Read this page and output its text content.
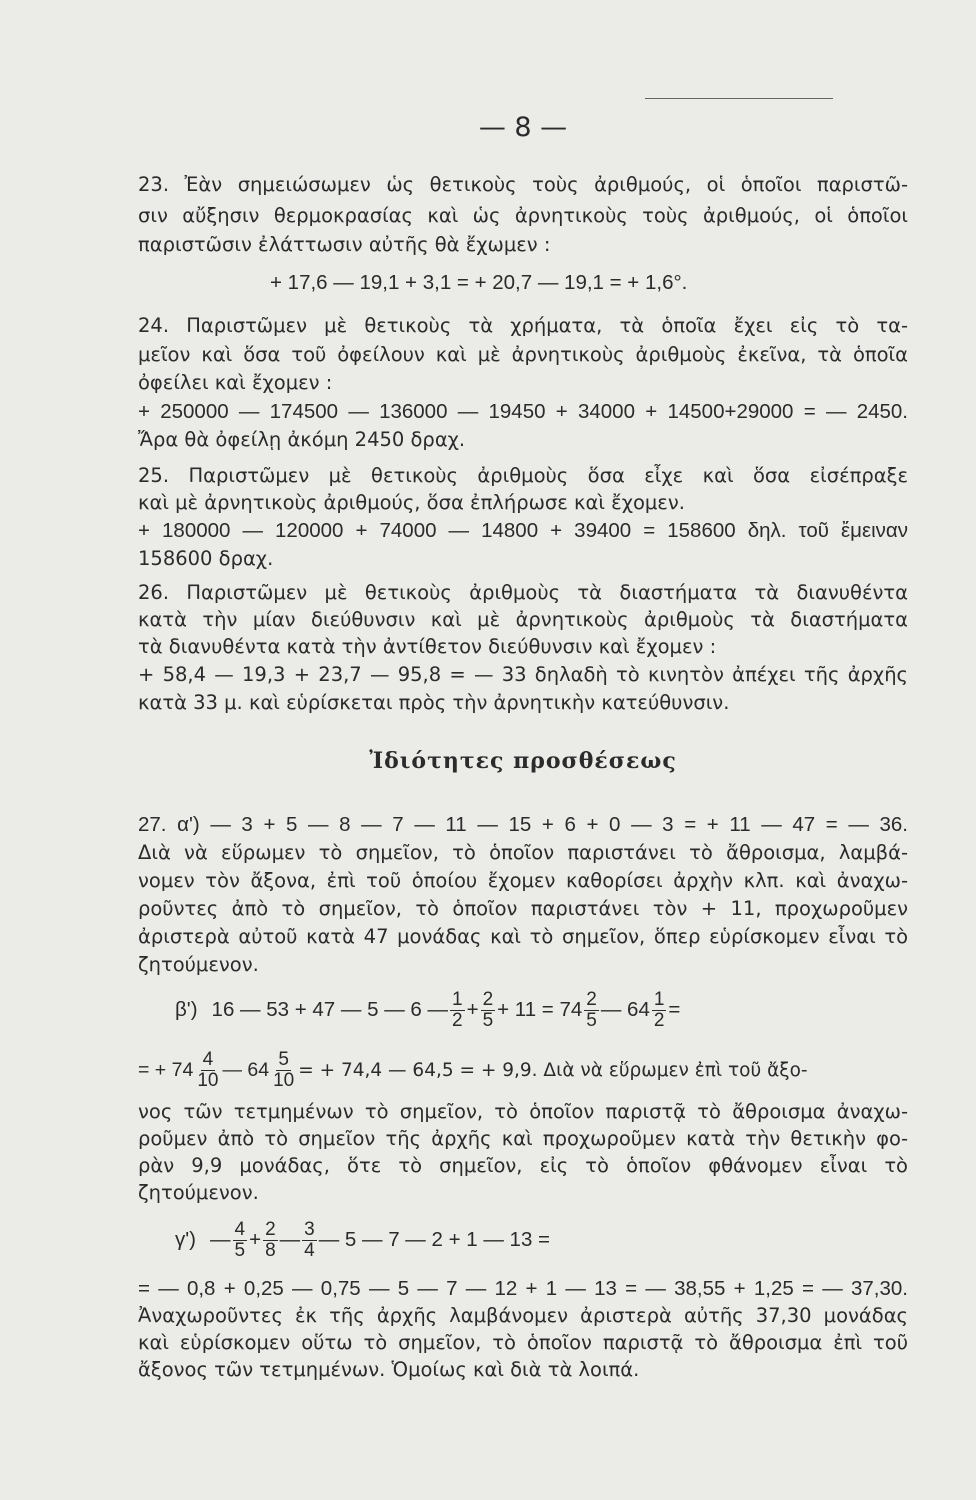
— 8 —
23. Ἐὰν σημειώσωμεν ὡς θετικοὺς τοὺς ἀριθμούς, οἱ ὁποῖοι παριστῶ-
σιν αὔξησιν θερμοκρασίας καὶ ὡς ἀρνητικοὺς τοὺς ἀριθμούς, οἱ ὁποῖοι
παριστῶσιν ἐλάττωσιν αὐτῆς θὰ ἔχωμεν :
+ 17,6 — 19,1 + 3,1 = + 20,7 — 19,1 = + 1,6°.
24. Παριστῶμεν μὲ θετικοὺς τὰ χρήματα, τὰ ὁποῖα ἔχει εἰς τὸ τα-
μεῖον καὶ ὅσα τοῦ ὀφείλουν καὶ μὲ ἀρνητικοὺς ἀριθμοὺς ἐκεῖνα, τὰ ὁποῖα
ὀφείλει καὶ ἔχομεν :
+ 250000 — 174500 — 136000 — 19450 + 34000 + 14500+29000 = — 2450.
Ἄρα θὰ ὀφείλῃ ἀκόμη 2450 δραχ.
25. Παριστῶμεν μὲ θετικοὺς ἀριθμοὺς ὅσα εἶχε καὶ ὅσα εἰσέπραξε
καὶ μὲ ἀρνητικοὺς ἀριθμούς, ὅσα ἐπλήρωσε καὶ ἔχομεν.
+ 180000 — 120000 + 74000 — 14800 + 39400 = 158600 δηλ. τοῦ ἔμειναν
158600 δραχ.
26. Παριστῶμεν μὲ θετικοὺς ἀριθμοὺς τὰ διαστήματα τὰ διανυθέντα
κατὰ τὴν μίαν διεύθυνσιν καὶ μὲ ἀρνητικοὺς ἀριθμοὺς τὰ διαστήματα
τὰ διανυθέντα κατὰ τὴν ἀντίθετον διεύθυνσιν καὶ ἔχομεν :
+ 58,4 — 19,3 + 23,7 — 95,8 = — 33 δηλαδὴ τὸ κινητὸν ἀπέχει τῆς ἀρχῆς
κατὰ 33 μ. καὶ εὑρίσκεται πρὸς τὴν ἀρνητικὴν κατεύθυνσιν.
Ἰδιότητες προσθέσεως
27. α') — 3 + 5 — 8 — 7 — 11 — 15 + 6 + 0 — 3 = + 11 — 47 = — 36.
Διὰ νὰ εὕρωμεν τὸ σημεῖον, τὸ ὁποῖον παριστάνει τὸ ἄθροισμα, λαμβά-
νομεν τὸν ἄξονα, ἐπὶ τοῦ ὁποίου ἔχομεν καθορίσει ἀρχὴν κλπ. καὶ ἀναχω-
ροῦντες ἀπὸ τὸ σημεῖον, τὸ ὁποῖον παριστάνει τὸν + 11, προχωροῦμεν
ἀριστερὰ αὐτοῦ κατὰ 47 μονάδας καὶ τὸ σημεῖον, ὅπερ εὑρίσκομεν εἶναι τὸ
ζητούμενον.
β') 16 — 53 + 47 — 5 — 6 — $\frac{1}{2} + \frac{2}{5} + 11 = 74 \frac{2}{5}$ — $64 \frac{1}{2}$ =
= + $74 \frac{4}{10}$ — $64 \frac{5}{10}$ = + 74,4 — 64,5 = + 9,9. Διὰ νὰ εὕρωμεν ἐπὶ τοῦ ἄξο-
νος τῶν τετμημένων τὸ σημεῖον, τὸ ὁποῖον παριστᾷ τὸ ἄθροισμα ἀναχω-
ροῦμεν ἀπὸ τὸ σημεῖον τῆς ἀρχῆς καὶ προχωροῦμεν κατὰ τὴν θετικὴν φο-
ρὰν 9,9 μονάδας, ὅτε τὸ σημεῖον, εἰς τὸ ὁποῖον φθάνομεν εἶναι τὸ
ζητούμενον.
γ') — $\frac{4}{5} + \frac{2}{8}$ — $\frac{3}{4}$ — 5 — 7 — 2 + 1 — 13 =
= — 0,8 + 0,25 — 0,75 — 5 — 7 — 12 + 1 — 13 = — 38,55 + 1,25 = — 37,30.
Ἀναχωροῦντες ἐκ τῆς ἀρχῆς λαμβάνομεν ἀριστερὰ αὐτῆς 37,30 μονάδας
καὶ εὑρίσκομεν οὕτω τὸ σημεῖον, τὸ ὁποῖον παριστᾷ τὸ ἄθροισμα ἐπὶ τοῦ
ἄξονος τῶν τετμημένων. Ὁμοίως καὶ διὰ τὰ λοιπά.
